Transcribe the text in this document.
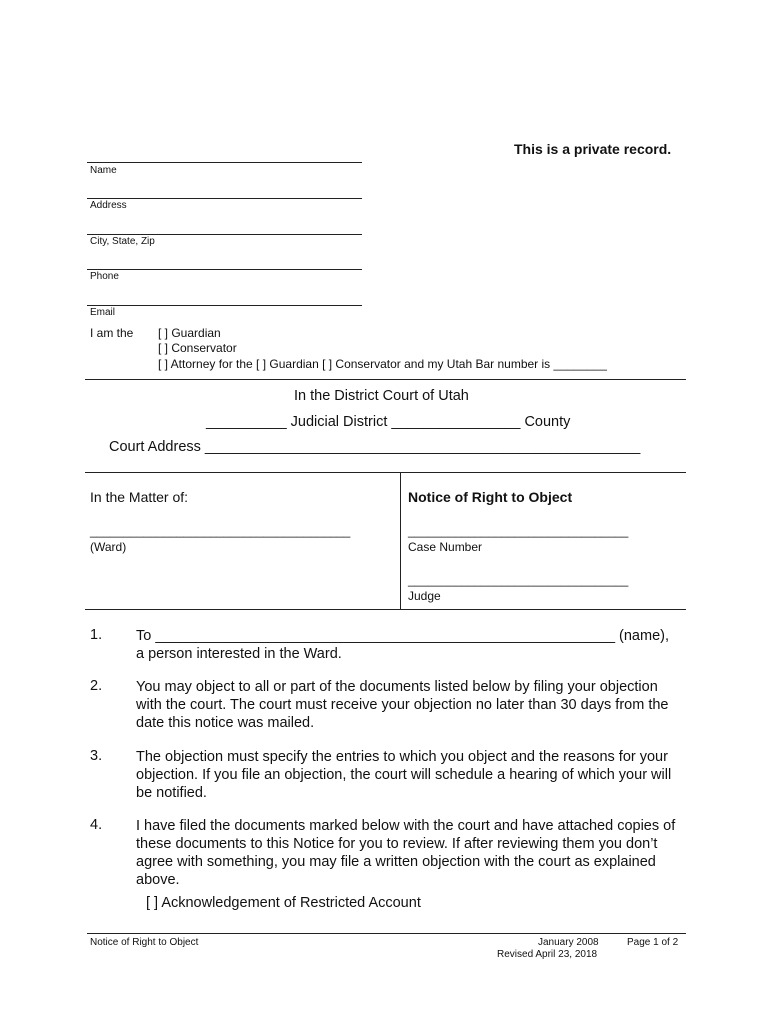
This is a private record.
Name
Address
City, State, Zip
Phone
Email
I am the [ ] Guardian
[ ] Conservator
[ ] Attorney for the [ ] Guardian [ ] Conservator and my Utah Bar number is ________
In the District Court of Utah
__________ Judicial District ________________ County
Court Address ______________________________________________________
In the Matter of:
_______________________________________
(Ward)
Notice of Right to Object
_________________________________
Case Number
_________________________________
Judge
1. To _________________________________________________________ (name), a person interested in the Ward.
2. You may object to all or part of the documents listed below by filing your objection with the court. The court must receive your objection no later than 30 days from the date this notice was mailed.
3. The objection must specify the entries to which you object and the reasons for your objection. If you file an objection, the court will schedule a hearing of which your will be notified.
4. I have filed the documents marked below with the court and have attached copies of these documents to this Notice for you to review. If after reviewing them you don’t agree with something, you may file a written objection with the court as explained above.
[ ] Acknowledgement of Restricted Account
Notice of Right to Object	January 2008
Revised April 23, 2018
Page 1 of 2
